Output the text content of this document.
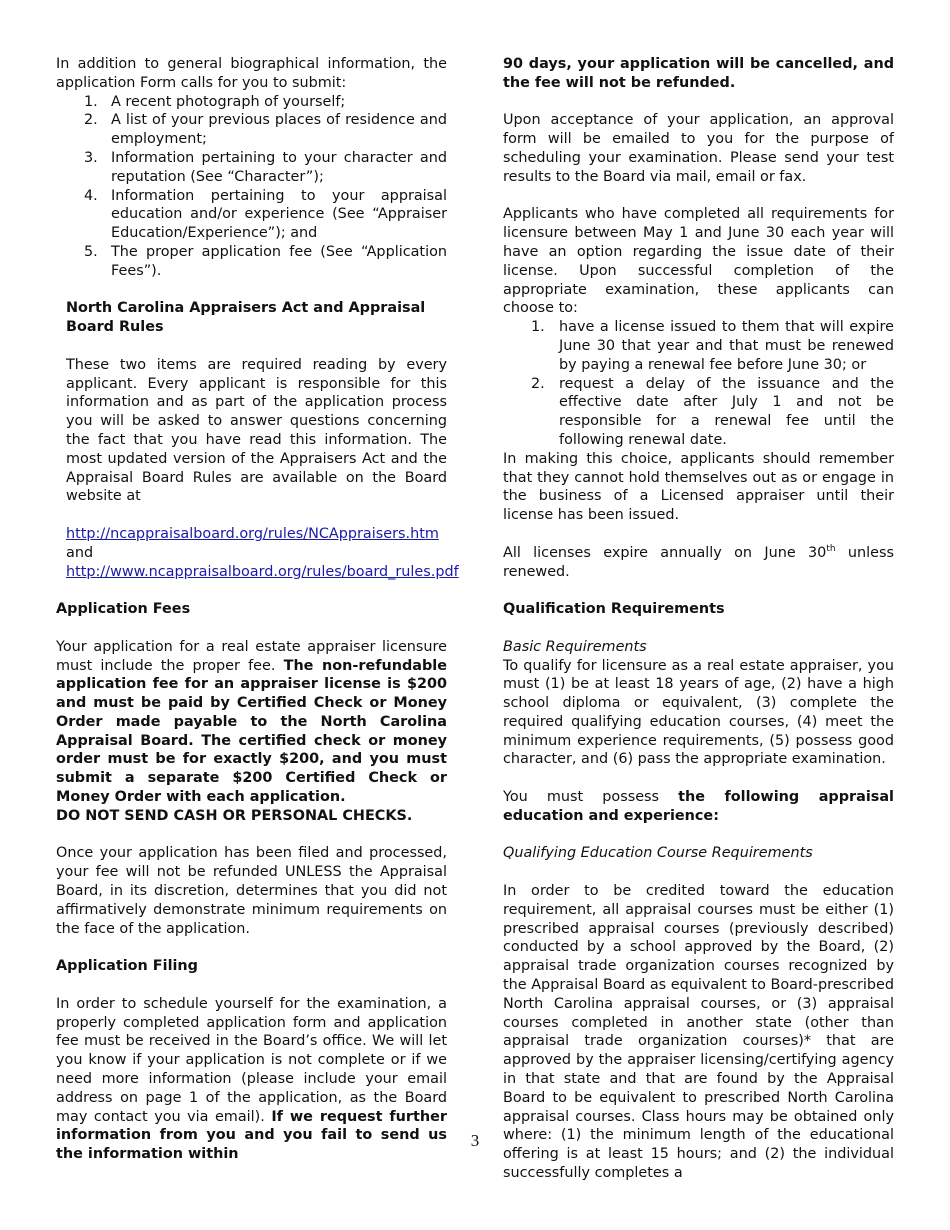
In addition to general biographical information, the application Form calls for you to submit:

1. A recent photograph of yourself;
2. A list of your previous places of residence and employment;
3. Information pertaining to your character and reputation (See “Character”);
4. Information pertaining to your appraisal education and/or experience (See “Appraiser Education/Experience”); and
5. The proper application fee (See “Application Fees”).

North Carolina Appraisers Act and Appraisal Board Rules

These two items are required reading by every applicant. Every applicant is responsible for this information and as part of the application process you will be asked to answer questions concerning the fact that you have read this information. The most updated version of the Appraisers Act and the Appraisal Board Rules are available on the Board website at

http://ncappraisalboard.org/rules/NCAppraisers.htm

and

http://www.ncappraisalboard.org/rules/board_rules.pdf

Application Fees

Your application for a real estate appraiser licensure must include the proper fee. The non-refundable application fee for an appraiser license is $200 and must be paid by Certified Check or Money Order made payable to the North Carolina Appraisal Board. The certified check or money order must be for exactly $200, and you must submit a separate $200 Certified Check or Money Order with each application.

DO NOT SEND CASH OR PERSONAL CHECKS.

Once your application has been filed and processed, your fee will not be refunded UNLESS the Appraisal Board, in its discretion, determines that you did not affirmatively demonstrate minimum requirements on the face of the application.

Application Filing

In order to schedule yourself for the examination, a properly completed application form and application fee must be received in the Board’s office. We will let you know if your application is not complete or if we need more information (please include your email address on page 1 of the application, as the Board may contact you via email). If we request further information from you and you fail to send us the information within

90 days, your application will be cancelled, and the fee will not be refunded.

Upon acceptance of your application, an approval form will be emailed to you for the purpose of scheduling your examination. Please send your test results to the Board via mail, email or fax.

Applicants who have completed all requirements for licensure between May 1 and June 30 each year will have an option regarding the issue date of their license. Upon successful completion of the appropriate examination, these applicants can choose to:

1. have a license issued to them that will expire June 30 that year and that must be renewed by paying a renewal fee before June 30; or
2. request a delay of the issuance and the effective date after July 1 and not be responsible for a renewal fee until the following renewal date.

In making this choice, applicants should remember that they cannot hold themselves out as or engage in the business of a Licensed appraiser until their license has been issued.

All licenses expire annually on June 30th unless renewed.

Qualification Requirements

Basic Requirements

To qualify for licensure as a real estate appraiser, you must (1) be at least 18 years of age, (2) have a high school diploma or equivalent, (3) complete the required qualifying education courses, (4) meet the minimum experience requirements, (5) possess good character, and (6) pass the appropriate examination.

You must possess the following appraisal education and experience:

Qualifying Education Course Requirements

In order to be credited toward the education requirement, all appraisal courses must be either (1) prescribed appraisal courses (previously described) conducted by a school approved by the Board, (2) appraisal trade organization courses recognized by the Appraisal Board as equivalent to Board-prescribed North Carolina appraisal courses, or (3) appraisal courses completed in another state (other than appraisal trade organization courses)* that are approved by the appraiser licensing/certifying agency in that state and that are found by the Appraisal Board to be equivalent to prescribed North Carolina appraisal courses. Class hours may be obtained only where: (1) the minimum length of the educational offering is at least 15 hours; and (2) the individual successfully completes a

3
